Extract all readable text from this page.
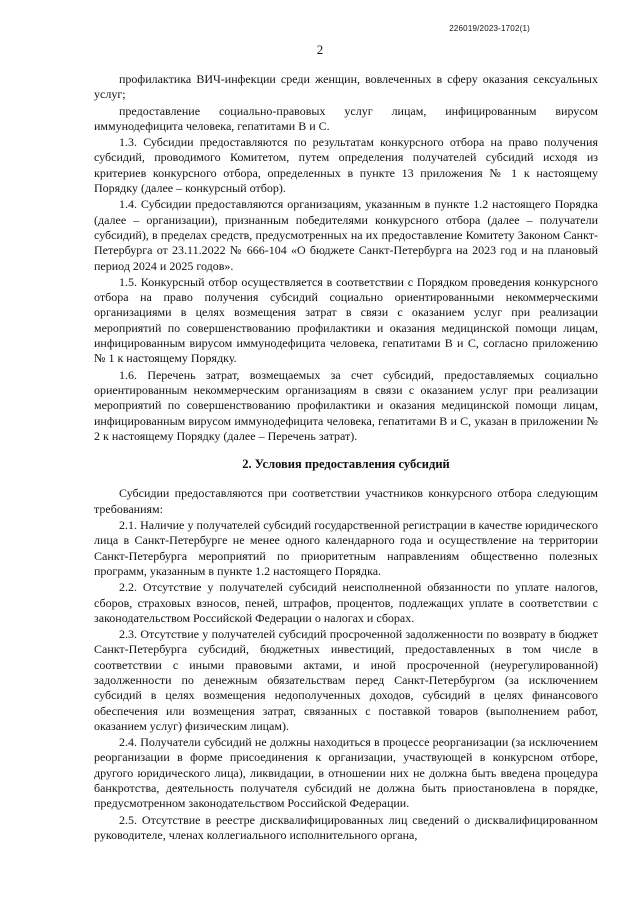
226019/2023-1702(1)
2

профилактика ВИЧ-инфекции среди женщин, вовлеченных в сферу оказания сексуальных услуг;

предоставление социально-правовых услуг лицам, инфицированным вирусом иммунодефицита человека, гепатитами В и С.

1.3. Субсидии предоставляются по результатам конкурсного отбора на право получения субсидий, проводимого Комитетом, путем определения получателей субсидий исходя из критериев конкурсного отбора, определенных в пункте 13 приложения № 1 к настоящему Порядку (далее – конкурсный отбор).

1.4. Субсидии предоставляются организациям, указанным в пункте 1.2 настоящего Порядка (далее – организации), признанным победителями конкурсного отбора (далее – получатели субсидий), в пределах средств, предусмотренных на их предоставление Комитету Законом Санкт-Петербурга от 23.11.2022 № 666-104 «О бюджете Санкт-Петербурга на 2023 год и на плановый период 2024 и 2025 годов».

1.5. Конкурсный отбор осуществляется в соответствии с Порядком проведения конкурсного отбора на право получения субсидий социально ориентированными некоммерческими организациями в целях возмещения затрат в связи с оказанием услуг при реализации мероприятий по совершенствованию профилактики и оказания медицинской помощи лицам, инфицированным вирусом иммунодефицита человека, гепатитами В и С, согласно приложению № 1 к настоящему Порядку.

1.6. Перечень затрат, возмещаемых за счет субсидий, предоставляемых социально ориентированным некоммерческим организациям в связи с оказанием услуг при реализации мероприятий по совершенствованию профилактики и оказания медицинской помощи лицам, инфицированным вирусом иммунодефицита человека, гепатитами В и С, указан в приложении № 2 к настоящему Порядку (далее – Перечень затрат).

2. Условия предоставления субсидий

Субсидии предоставляются при соответствии участников конкурсного отбора следующим требованиям:

2.1. Наличие у получателей субсидий государственной регистрации в качестве юридического лица в Санкт-Петербурге не менее одного календарного года и осуществление на территории Санкт-Петербурга мероприятий по приоритетным направлениям общественно полезных программ, указанным в пункте 1.2 настоящего Порядка.

2.2. Отсутствие у получателей субсидий неисполненной обязанности по уплате налогов, сборов, страховых взносов, пеней, штрафов, процентов, подлежащих уплате в соответствии с законодательством Российской Федерации о налогах и сборах.

2.3. Отсутствие у получателей субсидий просроченной задолженности по возврату в бюджет Санкт-Петербурга субсидий, бюджетных инвестиций, предоставленных в том числе в соответствии с иными правовыми актами, и иной просроченной (неурегулированной) задолженности по денежным обязательствам перед Санкт-Петербургом (за исключением субсидий в целях возмещения недополученных доходов, субсидий в целях финансового обеспечения или возмещения затрат, связанных с поставкой товаров (выполнением работ, оказанием услуг) физическим лицам).

2.4. Получатели субсидий не должны находиться в процессе реорганизации (за исключением реорганизации в форме присоединения к организации, участвующей в конкурсном отборе, другого юридического лица), ликвидации, в отношении них не должна быть введена процедура банкротства, деятельность получателя субсидий не должна быть приостановлена в порядке, предусмотренном законодательством Российской Федерации.

2.5. Отсутствие в реестре дисквалифицированных лиц сведений о дисквалифицированном руководителе, членах коллегиального исполнительного органа,
